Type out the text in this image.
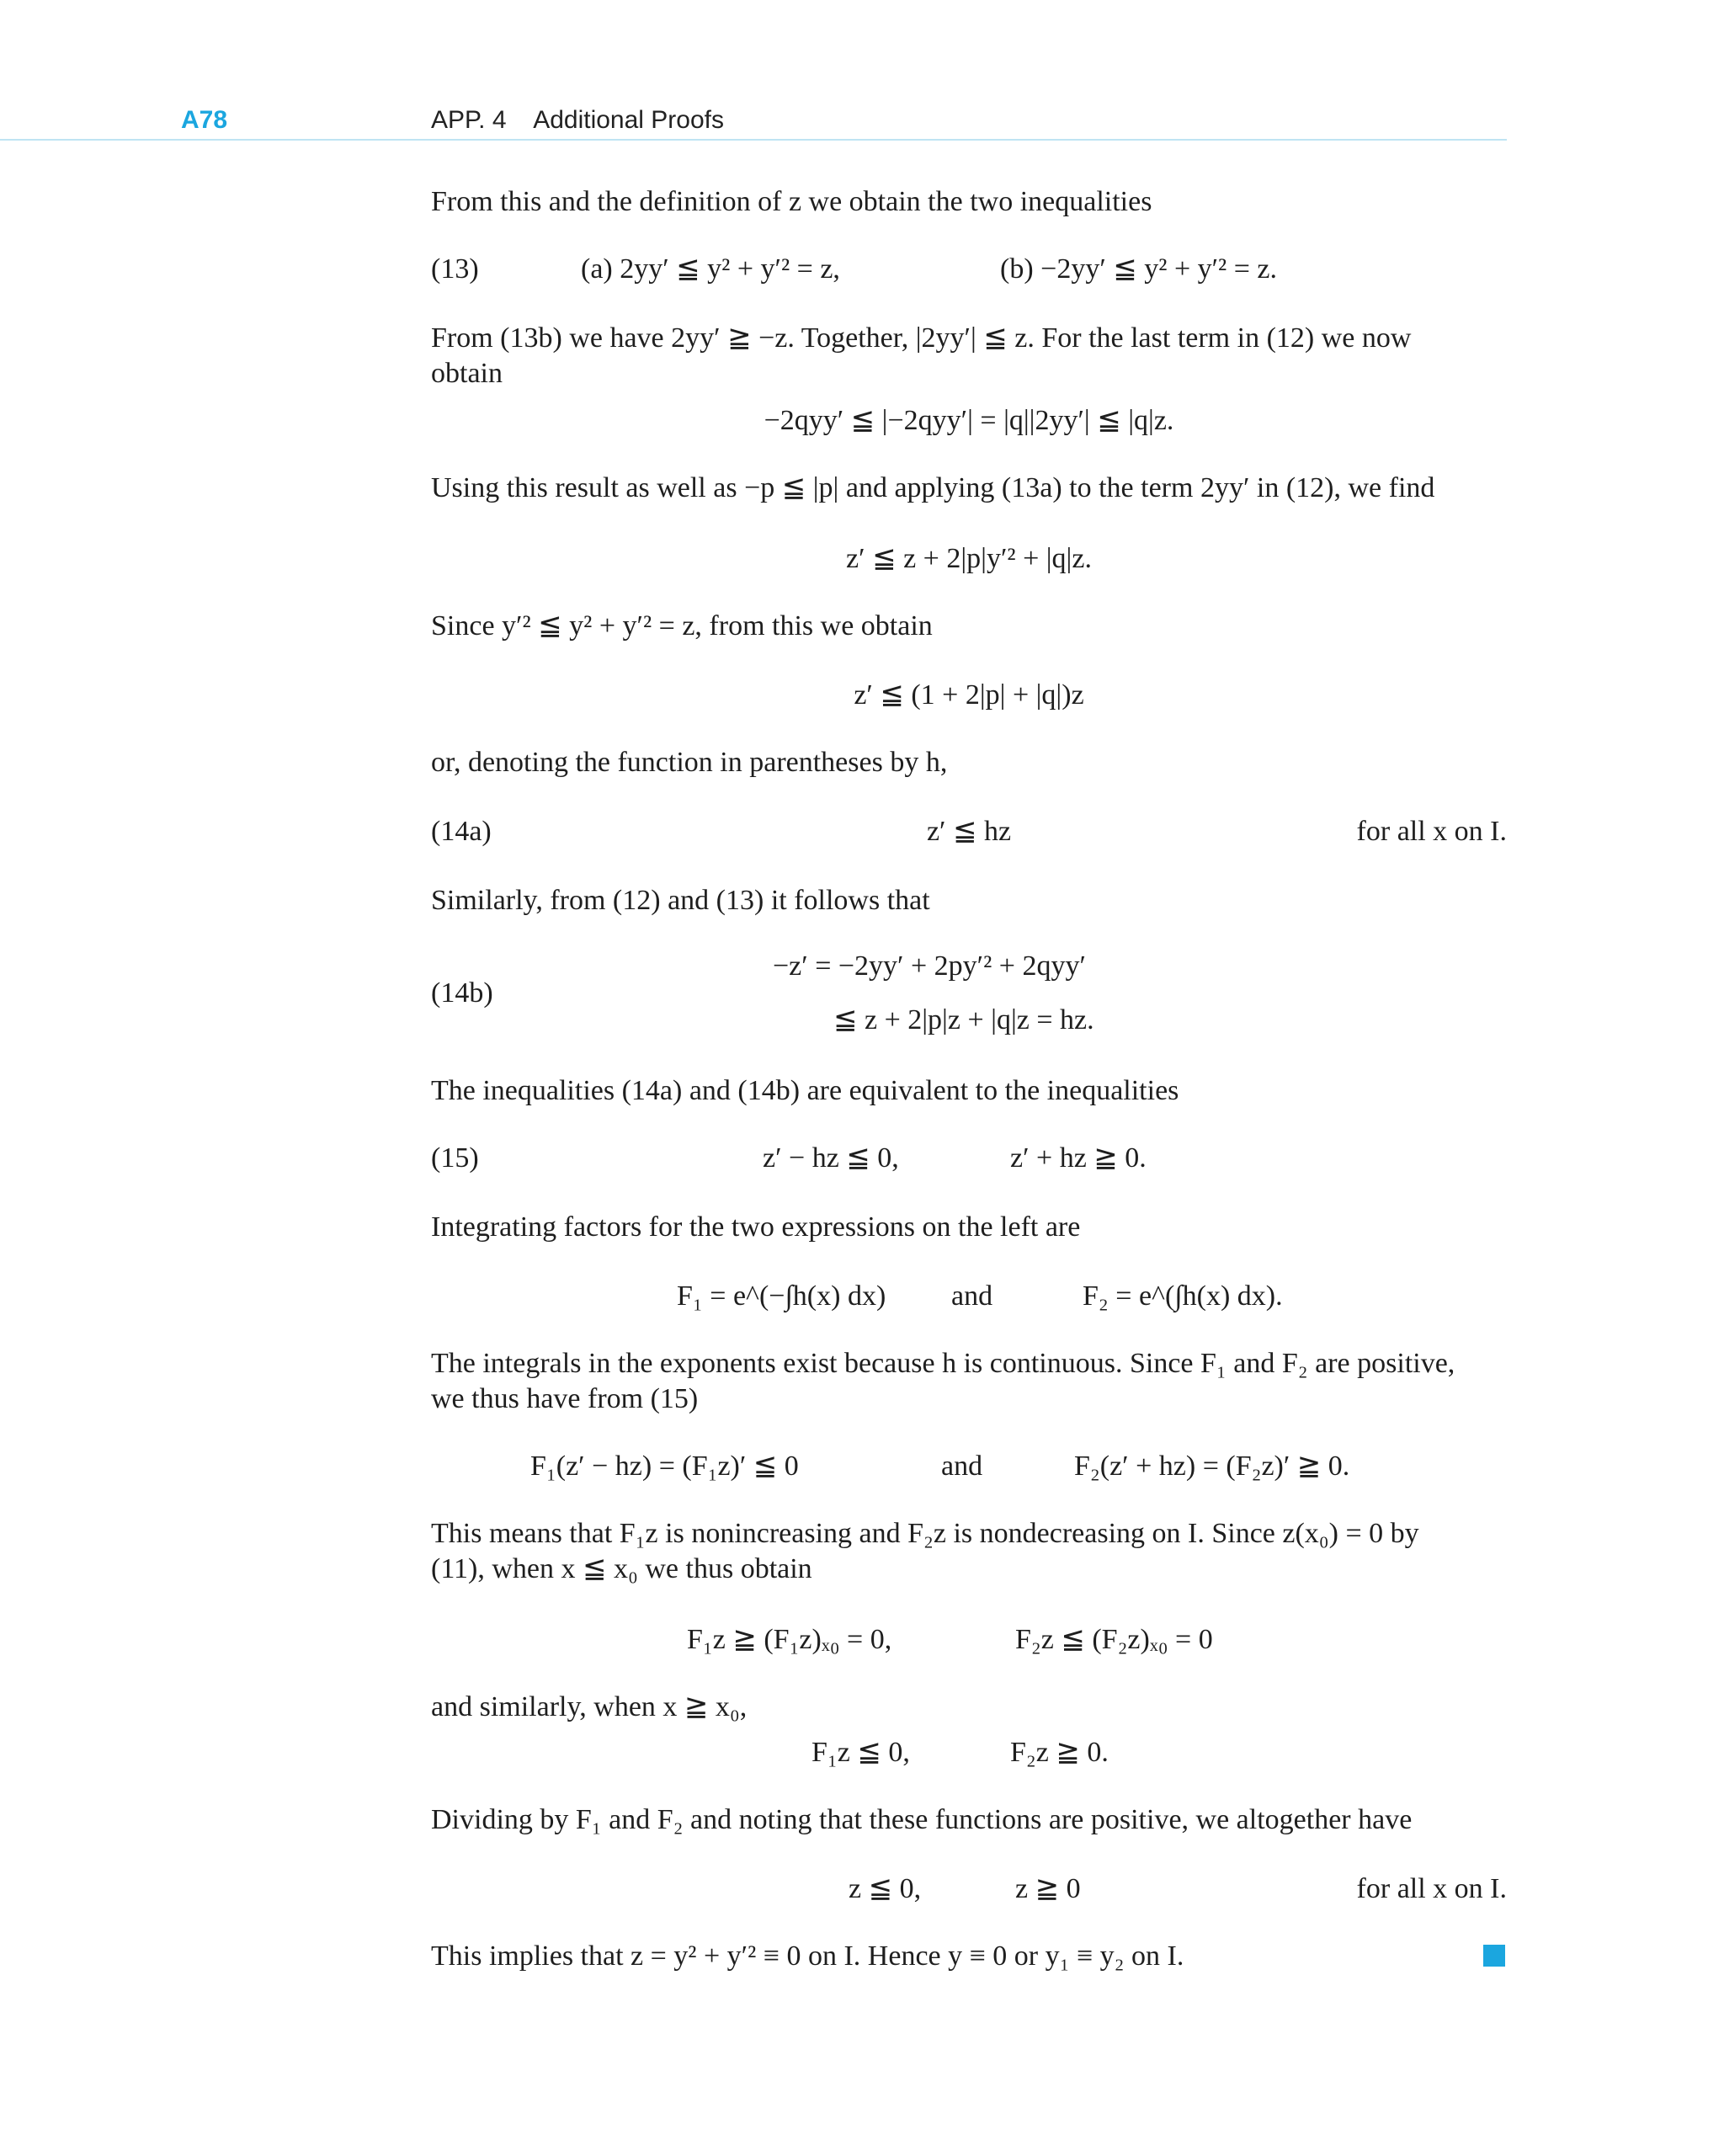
A78	APP. 4    Additional Proofs
From this and the definition of z we obtain the two inequalities
(13)	(a) 2yy′ ≦ y² + y′² = z,	(b) −2yy′ ≦ y² + y′² = z.
From (13b) we have 2yy′ ≧ −z. Together, |2yy′| ≦ z. For the last term in (12) we now
obtain
−2qyy′ ≦ |−2qyy′| = |q||2yy′| ≦ |q|z.
Using this result as well as −p ≦ |p| and applying (13a) to the term 2yy′ in (12), we find
z′ ≦ z + 2|p|y′² + |q|z.
Since y′² ≦ y² + y′² = z, from this we obtain
z′ ≦ (1 + 2|p| + |q|)z
or, denoting the function in parentheses by h,
(14a)	z′ ≦ hz	for all x on I.
Similarly, from (12) and (13) it follows that
(14b)
−z′ = −2yy′ + 2py′² + 2qyy′
≦ z + 2|p|z + |q|z = hz.
The inequalities (14a) and (14b) are equivalent to the inequalities
(15)	z′ − hz ≦ 0,	z′ + hz ≧ 0.
Integrating factors for the two expressions on the left are
F₁ = e^(−∫h(x) dx) and	F₂ = e^(∫h(x) dx).
The integrals in the exponents exist because h is continuous. Since F₁ and F₂ are positive,
we thus have from (15)
F₁(z′ − hz) = (F₁z)′ ≦ 0	and	F₂(z′ + hz) = (F₂z)′ ≧ 0.
This means that F₁z is nonincreasing and F₂z is nondecreasing on I. Since z(x₀) = 0 by
(11), when x ≦ x₀ we thus obtain
F₁z ≧ (F₁z)ₓ₀ = 0,	F₂z ≦ (F₂z)ₓ₀ = 0
and similarly, when x ≧ x₀,
F₁z ≦ 0,	F₂z ≧ 0.
Dividing by F₁ and F₂ and noting that these functions are positive, we altogether have
z ≦ 0,	z ≧ 0	for all x on I.
This implies that z = y² + y′² ≡ 0 on I. Hence y ≡ 0 or y₁ ≡ y₂ on I.
